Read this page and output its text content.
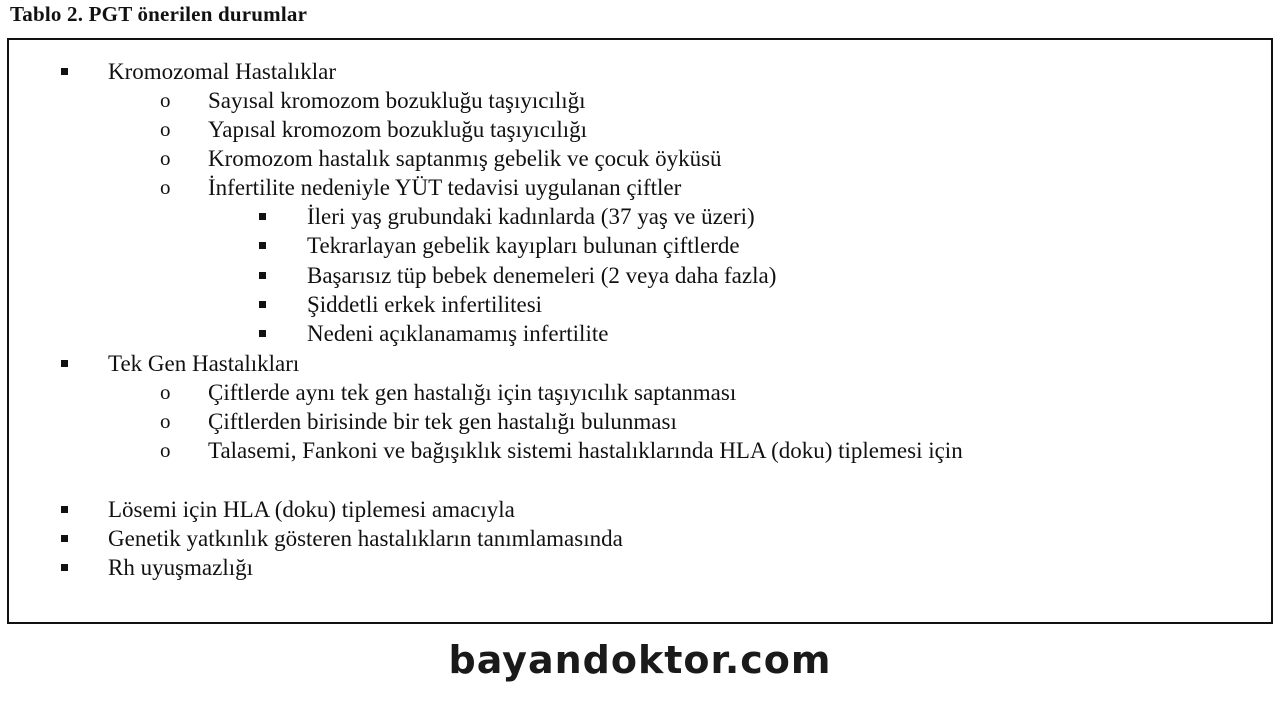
Tablo 2. PGT önerilen durumlar
Kromozomal Hastalıklar
o Sayısal kromozom bozukluğu taşıyıcılığı
o Yapısal kromozom bozukluğu taşıyıcılığı
o Kromozom hastalık saptanmış gebelik ve çocuk öyküsü
o İnfertilite nedeniyle YÜT tedavisi uygulanan çiftler
İleri yaş grubundaki kadınlarda (37 yaş ve üzeri)
Tekrarlayan gebelik kayıpları bulunan çiftlerde
Başarısız tüp bebek denemeleri (2 veya daha fazla)
Şiddetli erkek infertilitesi
Nedeni açıklanamamış infertilite
Tek Gen Hastalıkları
o Çiftlerde aynı tek gen hastalığı için taşıyıcılık saptanması
o Çiftlerden birisinde bir tek gen hastalığı bulunması
o Talasemi, Fankoni ve bağışıklık sistemi hastalıklarında HLA (doku) tiplemesi için
Lösemi için HLA (doku) tiplemesi amacıyla
Genetik yatkınlık gösteren hastalıkların tanımlamasında
Rh uyuşmazlığı
bayandoktor.com
